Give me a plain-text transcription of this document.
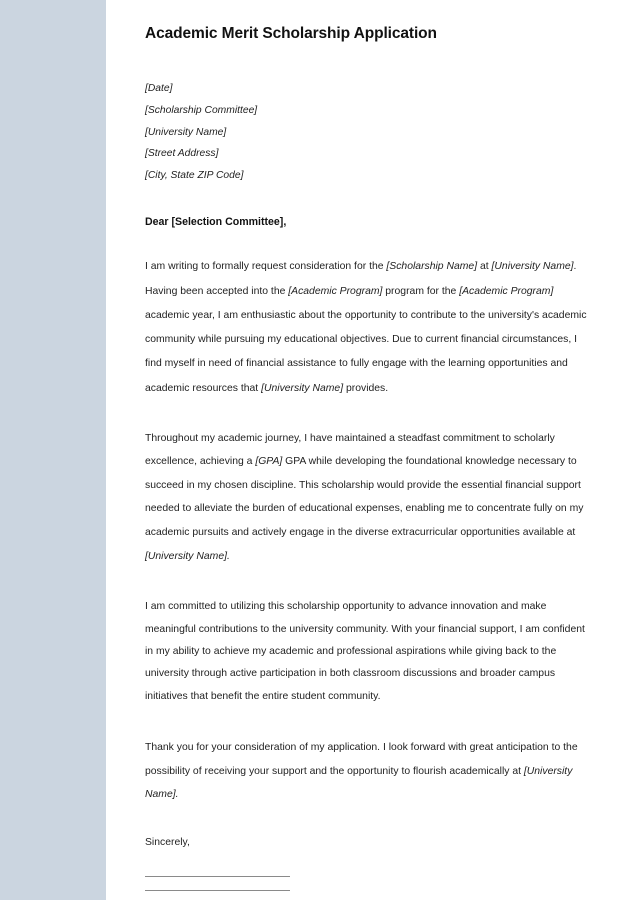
Academic Merit Scholarship Application
[Date]
[Scholarship Committee]
[University Name]
[Street Address]
[City, State ZIP Code]
Dear [Selection Committee],

I am writing to formally request consideration for the [Scholarship Name] at [University Name]. Having been accepted into the [Academic Program] program for the [Academic Program] academic year, I am enthusiastic about the opportunity to contribute to the university's academic community while pursuing my educational objectives. Due to current financial circumstances, I find myself in need of financial assistance to fully engage with the learning opportunities and academic resources that [University Name] provides.

Throughout my academic journey, I have maintained a steadfast commitment to scholarly excellence, achieving a [GPA] GPA while developing the foundational knowledge necessary to succeed in my chosen discipline. This scholarship would provide the essential financial support needed to alleviate the burden of educational expenses, enabling me to concentrate fully on my academic pursuits and actively engage in the diverse extracurricular opportunities available at [University Name].

I am committed to utilizing this scholarship opportunity to advance innovation and make meaningful contributions to the university community. With your financial support, I am confident in my ability to achieve my academic and professional aspirations while giving back to the university through active participation in both classroom discussions and broader campus initiatives that benefit the entire student community.

Thank you for your consideration of my application. I look forward with great anticipation to the possibility of receiving your support and the opportunity to flourish academically at [University Name].

Sincerely,
